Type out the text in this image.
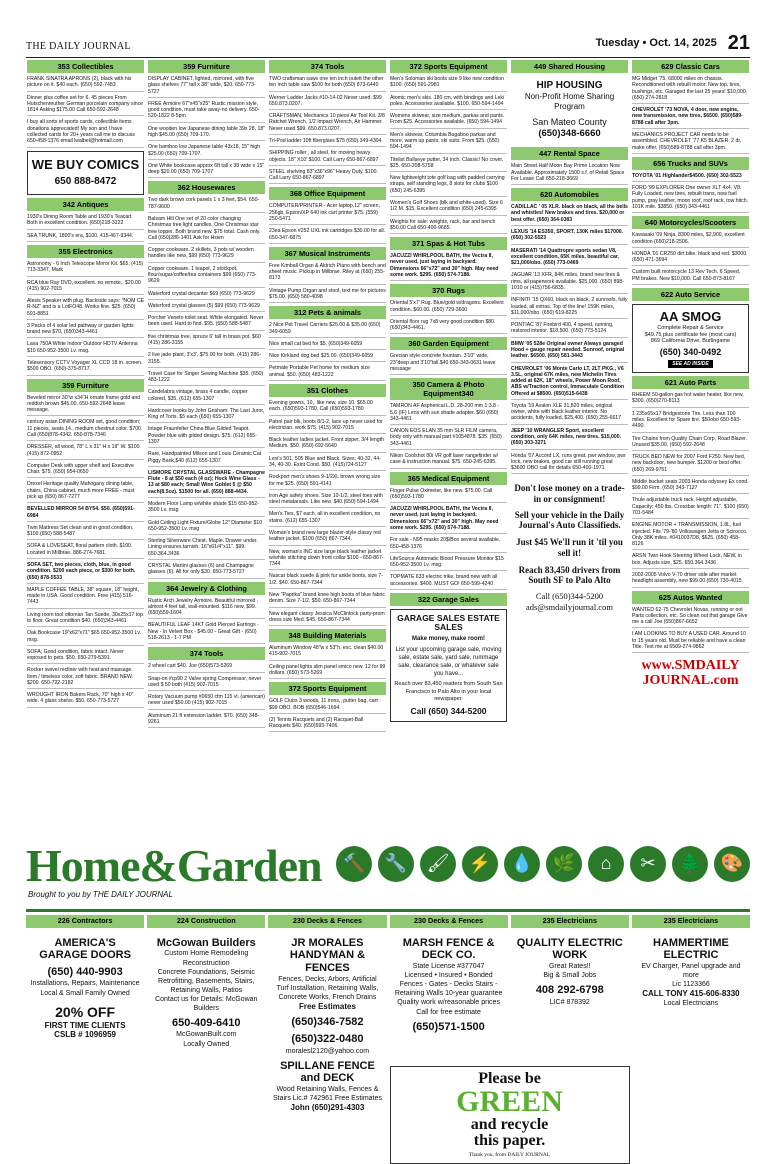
THE DAILY JOURNAL	Tuesday • Oct. 14, 2025 21
353 Collectibles
FRANK SINATRA APRONS (2), black with his picture on it. $40 each. (650) 592-7483
Dinner plus coffee set for 6. 45 pieces From Hutschenreuther German porcelain company since 1814 Asking $175.00 Call 650-592-2648
I buy all sorts of sports cards, collectible items donations appreciated! My son and I have collected cards for 20+ years call me to discuss 650-458-1376 email lwalbel@hotmail.com
WE BUY COMICS
650 888-8472
342 Antiques
1930's Dining Room Table and 1930's Teacart. Both in excellent condition. (650)218-3222
SEA TRUNK, 1800's era, $100. 415-467-9344.
355 Electronics
Astronomy - 6 Inch Telescope Mirror Kit. $65, (415) 713-3347, Mark
RCA blue Ray DVD, excellent. no remote,. $20.00 (415) 902-7015
Alesis Speaker with plug. Backside says: "NOM CE R-NZ" and is a LotFO48. Works fine. $25. (650) 591-8851
3 Packs of 4 solar led pathway or garden lights brand new $70, (650)343-4461
Lava 750A White Indoor Outdoor HDTV Antenna $10 650-952-3500 Lv. msg.
Telesensory CCTV Voyager XL CCD 18 in. screen. $500 OBO. (650)-375-8717.
359 Furniture
Beveled mirror 30"w x34"H ornate frame gold and reddish brown $45.00. 650-592-2648 leave message.
century asian DINING ROOM set, good condition; 11 pieces, seats 14., medium chestnut color. $700. Call (650)878-4342. 650-878-7346
DRESSER, all wood, 78" L x 31" H x 19" W. $100. (415) 872-0952
Computer Desk with upper shelf and Executive Chair. $75. (650) 954-0650
Drexel Heritage quality Mahogany dining table, chairs, China cabinet, much more FREE - must pick up (650) 867-7277
BEVELLED MIRROR 54 BY54. $50. (650)591-6984
Twin Mattress Set clean and in good condition. $100.(650) 588-5487
SOFA & LOVESEAT, floral pattern cloth. $100. Located in Millbrae. 886-274-7681.
SOFA SET, two pieces, cloth, blue, in good condition. $200 each piece, or $300 for both. (650) 878-5533
MAPLE COFFEE TABLE, 38" square, 18" height, made in USA. Good condition. Free (415) 516-7443
Living room tool ottoman Tan Suede, 30x25x17 top to floor. Great condition $40. (650)343-4461
Oak Bookcase 19"x62"x71" $65 650-952-3500 Lv. msg.
SOFA; Good condition, fabric intact. Never exposed to pets. $50. 650-279-5391.
Rocker swivel recliner with heat and massage. Item / timeless color, soft fabric. BRAND NEW. $200. 650-722-2182
WROUGHT IRON Bakers Rack, 70" high x 40" wide. 4 glass shelvs. $50. 650-773-5727
359 Furniture
DISPLAY CABINET, lighted, mirrored, with five glass shelves 77" tall x 38" wide, $20. 650-773-5727
FREE Armoire 67"x45"x25" Rustic mission style, good condition, must take away-no delivery. 650-520-1822 8-5pm
One wooden low Japanese dining table 39x 28, 18" high $45.00 (650) 709-170.
One bamboo low Japanese table 43x18, 15" high $25.00 (650) 709-1707.
One White bookcase approx 6ft tall x 38 wide x 15" deep $20.00 (650) 709-1707
362 Housewares
Two dark brown cork panels 1 x 3 feet, $54. 650-787-9600
Balsam Hill One set of 20 color changing Christmas tree light candles. One Christmas star tree topper. Both brand new. $75 total. Cash only. Call (650)286-1401 Ask for Hsien
Copper cookware. 2 skillets, 3 pots w/ wooden handles like new, $99 (650) 773-9629
Copper cookware. 1 teapot, 2 stockpot, flour/sugar/coffee/tea containers $99 (650) 773-9629
Waterford crystal decanter $69 (650) 773-9629
Waterford crystal glasses (5) $99 (650) 773-9629
Porcher Veneto toilet seat. White elongated. Never been used. Hard to find. $95. (650) 588-5487
five christmas tree, spruce 6' tall in brass pot. $60 (415) 286-3155
2 live jade plant, 3'x3', $75.00 for both. (415) 286-3155.
Travel Case for Singer Sewing Machine $35. (650) 483-1222
Candelabra vintage, brass 4 candle, copper colored, $35. (612) 655-1307
Hardcover books by John Grisham: The Last Juror, King of Torts. $5 each (650) 655-1307
Intage Fraunfelter China Blue Gilded Teapot. Powder blue with gilded design. $75. (612) 655-1307
Rare, Handpainted Milson and Louis Ceramic Cat Piggy Bank,$40 (612) 655-1307
LISMORE CRYSTAL GLASSWARE - Champagne Flute - 8 at $50 each (4 oz); Hock Wine Glass - 13 at $80 each; Small Wine Goblet 5 @ $50 each(8.5oz). $1500 for all. (650) 888-4434.
Modern Floor Lamp w/white shade $15 650-952-3500 Lv. msg
Gold Ceiling Light Fixture/Globe 12" Diameter $10 650-952-3500 Lv. msg
Sterling Silverware Chest. Maple. Drawer under. Lining ensures tarnish. 16"x61/4"x11". $99. 650.364.3436
CRYSTAL Martini glasses (6) and Champagne glasses (6). All for only $30. 650-773-5727
364 Jewelry & Clothing
Rustic Arch Jewelry Armoire. Beautiful mirrored , almost 4 feet tall, wall-mounted. $116 new, $99.(650)559-1604
BEAUTIFUL LEAF 14KT Gold Pierced Earrings - New - In Velvet Box - $45.00 - Great Gift - (650) 518-2613 - 1-7 PM
374 Tools
2 wheel cart $40. Joe (650)573-5269
Snap-on #cp90 2 Valve spring Compressor, never used $ 50 both (415) 902-7015
Rotary Vacuum pump #0650 cfm 115 vl. (american) never used $50.00 (415) 902-7015
Aluminum 21 ft extension ladder. $70. (650) 348-9261
374 Tools
TWO craftsman saws one ten inch outett the other ten inch table saw $100 for both (650) 873-6440
Werner Ladder Jacks #10-14-02 Never used. $99 650.873.0207.
CRAFTSMAN, Mechanics 10 piece Air Tool Kit. 3/8 Ratchet Wrench, 1/2 Impact Wrench, Air Hammer Never used $99. 650.873.0207.
Tri-Pod ladder 10ft fiberglass $75 (650) 349-4304.
SHIPPING roller , all steel, for moving heavy objects. 18" X10' $100. Call Larry 650-867-6897
STEEL shelving 83"x36"x96" Heavy Duty. $100. Call Larry 650-867-6897
368 Office Equipment
COMPUTER/PRINTER - Acer laptop,12" screen, 256gb, Epson/XP 640 ink cart printer $75. (559) 250-5471
23ea Epson #252 UXL ink cartridges $30.00 for all. 650-347-6875
367 Musical Instruments
Free Kimball Organ & Aldrich Piano with bench and sheet music. Pickup in Millbrae. Riley at (650) 255-8173
Vintage Pump Organ and stool, text me for pictures $75.00. (650) 580-4098
312 Pets & animals
2 Nice Pet Travel Carriers $25.00 & $35.00 (650) 349-6059
Nice small cat bed for $5. (650)349-6059
Nice Kirkland dog bed $25.00. (650)349-6059
Petmate Portable Pet home for medium size animal. $50. (650) 483-1222
351 Clothes
Evening gowns, 10,. like new, size 10. $65.00 each. (650)593-1780. Call (650)593-1780
Patrol pair blk, boots 8/1-2, lace up never used for electrician. work $75. (415) 902-7015
Black leather ladies jacket. Front zipper, 3/4 length Medium. $50. (650) 692-5640
Levi's 501, 505 Blue and Black. Sizes: 40-32, 44-34, 40-30. Exlnt Cond. $50. (415)724-5127
Rockport men's shoes 9-1/2XL brown wrong size for me $25. (650) 591-4141
Iron Age safety shoes. Size 10-1/2, steel toes with steel metatarsals. Like new. $40.(650) 594-1494
Men's Ties, $7 each, all in excellent condition, no stains. (612) 655-1307
Woman's brand new large blazer-style classy red leather jacket. $100 (650) 867-7344.
New, woman's INC size large black leather jacket w/white stitching down front collar $100 - 650-867-7344
Nascar black suede & pink fur ankle boots, size 7-1/2. $40. 650-867-7344
New "Paprika" brand knee high boots of blue fabric denim. Size 7-1/2. $50. 650-867-7344
New elegant classy Jessica McClintock party-prom dress size Med. $45. 650-867-7344
348 Building Materials
Aluminum Window 48"w x 53"h. exc. clean $40.00 415-902-7015
Ceiling panel lights slim panel smico new. 12 for 99 dollars. (650) 573-5269
372 Sports Equipment
GOLF Clubs 3 woods, 11 irons,, putter bag, cart $99 OBO. BOB (650)546-1694.
(2) Tennis Racquets and (2) Racquet-Ball Racquets $40. (650)593-7406.
372 Sports Equipment
Men's Soloman ski boots size 9 like new condition $100. (650) 591-2981
Atomic men's skis. 180 cm, with bindings and Leki poles. Accessories available. $100. 650-594-1494
Womens skiwear, size medium, parkas and pants. From $25. Accessories available. (650) 594-1494
Men's skiwear, Columbia Bugaboo parkas and more, warm up pants, ski suits. From $25. (650) 594-1494
Titelist Bullseye putter, 34 inch. Classic! No cover. $25. 650-208-5758
New lightweight tote golf bag with padded carrying straps, self standing legs, 8 slots for clubs $100 (650) 245-6395
Women's Golf Shoes (blk and white-used). Size 6 1/2 M. $15. Excellent condition (650) 245-6395
Weights for sale: weights, rack, bar and bench $50.00 Call 650-400-9685.
371 Spas & Hot Tubs
JACUZZI WHIRLPOOL BATH, the Vectra II, never used, just laying in backyard. Dimensions 66"x72" and 30" high. May need some work. $295. (650) 574-7188.
370 Rugs
Oriental 5'x7' Rug. Blue/gold w/dragons. Excellent condition. $60.00. (650) 729-3600
Oriental floor rug 7x8 very good condition $80. (650)343-4461.
360 Garden Equipment
Grecian style concrete fountain. 3'10" wide, 23"deep and 3'10"tall.$40 650-343-0631 leave message
350 Camera & Photo Equipment340
TAMRON AF Aspherical L.D. 28-200 mm 1:3.8 - 5.6 (IF) Lens with sun shade adapter. $60 (650) 343-4461
CANON EOS ELAN 35 mm SLR FILM camera, body only with manual part #1054878. $35. (650) 343-4461
Nikon Coolshot 80i VR golf laser rangefinder w/ case & instruction manual. $75. 650-245-6395.
365 Medical Equipment
Finger Pulse Oximeter, like new. $75.00. Call (650)593-1780
JACUZZI WHIRLPOOL BATH, the Vectra II, never used, just laying in backyard. Dimensions 66"x72" and 30" high. May need some work. $295. (650) 574-7188.
For sale - N95 masks 20$/Box several available, 650-458-1376
LifeSource Automatic Blood Pressure Monitor $15 650-952-3500 Lv. msg.
TOPMATE 633 electric trike, brand new with all accessories. $400. MUST GO! 650-599-4240
322 Garage Sales
GARAGE SALES ESTATE SALES
Make money, make room!
List your upcoming garage sale, moving sale, estate sale, yard sale, rummage sale, clearance sale, or whatever sale you have...
Reach over 83,450 readers from South San Francisco to Palo Alto in your local newspaper.
Call (650) 344-5200
449 Shared Housing
HIP HOUSING
Non-Profit Home Sharing Program
San Mateo County
(650)348-6660
447 Rental Space
Main Street Half Moon Bay Prime Location Now Available. Approximately 1500 s.f. of Retail Space For Lease Call 650-218-3669
620 Automobiles
CADILLAC ' 05 XLR. black on black, all the bells and whistles! New brakes and tires. $20,000 or best offer. (650) 364-0383
LEXUS '14 ES350, SPORT, 130K miles $17000. (650) 302-5523
MASERATI '14 Quattropre sports sedan V8, excellent condition, 65K miles, beautiful car, $21,000/obo. (650) 773-0469
JAGUAR '13 XFR, 84K miles, brand new tires & rims, all paperwork available. $25,000. (650) 898-1010 or (415)756-6835.
INFINITI '15 QX60, black on black, 2 sunroofs, fully loaded, all extras. Top of the line! 159K miles, $11,000/obo. (650) 619-8225
PONTIAC '87 Firebird 400, 4 speed, running, restored interior. $18,500. (650) 773-5124
BMW '05 528e Original owner Always garaged Hood + gauge repair needed. Sunroof, original leather. $6500. (650) 581-3443
CHEVROLET '06 Monte Carlo LT, 2LT PKG., V6 3.5L, original 67K miles, new Michelin Tires added at 62K, 18" wheels, Power Moon Roof, ABS w/Traction control, Immaculate Condition Offered at $8500. (650)515-6438
Toyota '19 Avalon XLE 31,820 miles, original owner, white with black leather interior. No accidents, fully loaded. $25,400. (650) 255-6617
JEEP '10 WRANGLER Sport, excellent condition, only 64K miles, new tires. $15,000. (650) 303-3271
Honda '07 Accord LX, runs great, pwr window, pwr lock, new brakes, good car still running great $3600 OBO call for details 650-400-1971
Don't lose money on a trade-in or consignment!
Sell your vehicle in the Daily Journal's Auto Classifieds.
Just $45 We'll run it 'til you sell it!
Reach 83,450 drivers from South SF to Palo Alto
Call (650)344-5200 ads@smdailyjournal.com
629 Classic Cars
MG Midget '75, 68000 miles on chassis. Reconditioned with rebuilt motor. New top, tires, bushings, etc. Garaged the last 25 years! $10,000. (650) 274-2818
CHEVROLET '73 NOVA, 4 door, new engine, new transmission, new tires, $6500. (650)589-8788 call after 3pm.
MECHANICS PROJECT CAR needs to be assembled. CHEVROLET '77 K5 BLAZER. 2 dr, make offer. (650)589-8788 call after 3pm.
656 Trucks and SUVs
TOYOTA '01 Highlander$4500. (650) 302-5523
FORD '99 EXPLORER One owner XLT 4x4, V8. Fully Loaded, new tires, rebuilt trans, new fuel pump, gray leather, moon roof, roof rack, tow hitch. 101K mile. $3850. (650) 343-4461
640 Motorcycles/Scooters
Kawasaki '09 Ninja, 8300 miles, $2,900, excellent condition (650)218-2506.
HONDA '01 CR250 dirt bike. black and red. $3000. (650) 471-3694
Custom built motorcycle 13 Rev Tech. 6 Speed, PM brakes. New $10,000. Call 650-873-8167
622 Auto Service
AA SMOG
Complete Repair & Service
$49.75 plus certificate fee (most cars)
869 California Drive, Burlingame
(650) 340-0492
SEE AD INSIDE
621 Auto Parts
RHEEM 50-gallon gas hot water heater, like new, $300. (650)270-8113
1 235x65x17 Bridgestone Tire. Less than 100 miles. Excellent for Spare tire. $50obo 650-593-4490.
Tire Chains from Quality Chain Corp, Road Blazer. Unused $35.00. (650) 592-2648
TRUCK BED NEW for 2007 Ford F250. New bed, new backdoor, new bumper. $1200 or best offer. (650) 269-9751
Middle bucket seats 2003 Honda odyssey Ex cond. $99.00 Firm. (650) 343-7127
Thule adjustable truck rack, Height adjustable, Capacity: 450 lbs. Crossbar length: 71". $100 (650) 701-5484
ENGINE MOTOR + TRANSMISSION, 1.8L, fuel injected. Fits '79-'80 Volkswagen Jetta or Scirocco. Only 38K miles. #0410037D8, $625. (650) 458-8126
ARSN Twin Hook Steering Wheel Lock, NEW, in box. Adjusts size, $25. 650.364.3436
2002-2005 Volvo V-70 driver side after market headlight assembly, new $99.00 (650) 730-4015
625 Autos Wanted
WANTED 62-75 Chevrolet Novas, running or not Parts collection, etc. So clean out that garage Give me a call Joe (650)867-6652
I AM LOOKING TO BUY A USED CAR. Around 10 to 15 years old. Must be reliable and have a clean Title. Text me at 6509-274-9862
www.SMDAILY JOURNAL.com
Home&Garden
Brought to you by THE DAILY JOURNAL
🔨	🔧	🖌	⚡	💧	🌿	⌂	✂	🌲	🎨
226 Contractors
AMERICA'S GARAGE DOORS
(650) 440-9903
Installations, Repairs, Maintenance
Local & Small Family Owned
20% OFF
FIRST TIME CLIENTS
CSLB # 1096959
224 Construction
McGowan Builders
Custom Home Remodeling Reconstruction
Concrete Foundations, Seismic Retrofitting, Basements, Stairs, Retaining Walls, Patios
Contact us for Details: McGowan Builders
650-409-6410
McGowanBuilt.com
Locally Owned
230 Decks & Fences
JR MORALES HANDYMAN & FENCES
Fences, Decks, Arbors, Artificial Turf Installation, Retaining Walls, Concrete Works, French Drains
Free Estimates
(650)346-7582
(650)322-0480
moralesl2120@yahoo.com
SPILLANE FENCE and DECK
Wood Retaining Walls, Fences & Stairs Lic.# 742961 Free Estimates
John (650)291-4303
230 Decks & Fences
MARSH FENCE & DECK CO.
State License #377047
Licensed • Insured • Bonded Fences - Gates - Decks Stairs - Retaining Walls 10-year guarantee Quality work w/reasonable prices
Call for free estimate
(650)571-1500
Please be
GREEN
and recycle
this paper.
Thank you, from DAILY JOURNAL
235 Electricians
QUALITY ELECTRIC WORK
Great Rates!!
Big & Small Jobs
408 292-6798
LIC# 878392
235 Electricians
HAMMERTIME ELECTRIC
EV Charger, Panel upgrade and more
Lic 1123366
CALL TONY 415-606-8330
Local Electricians
